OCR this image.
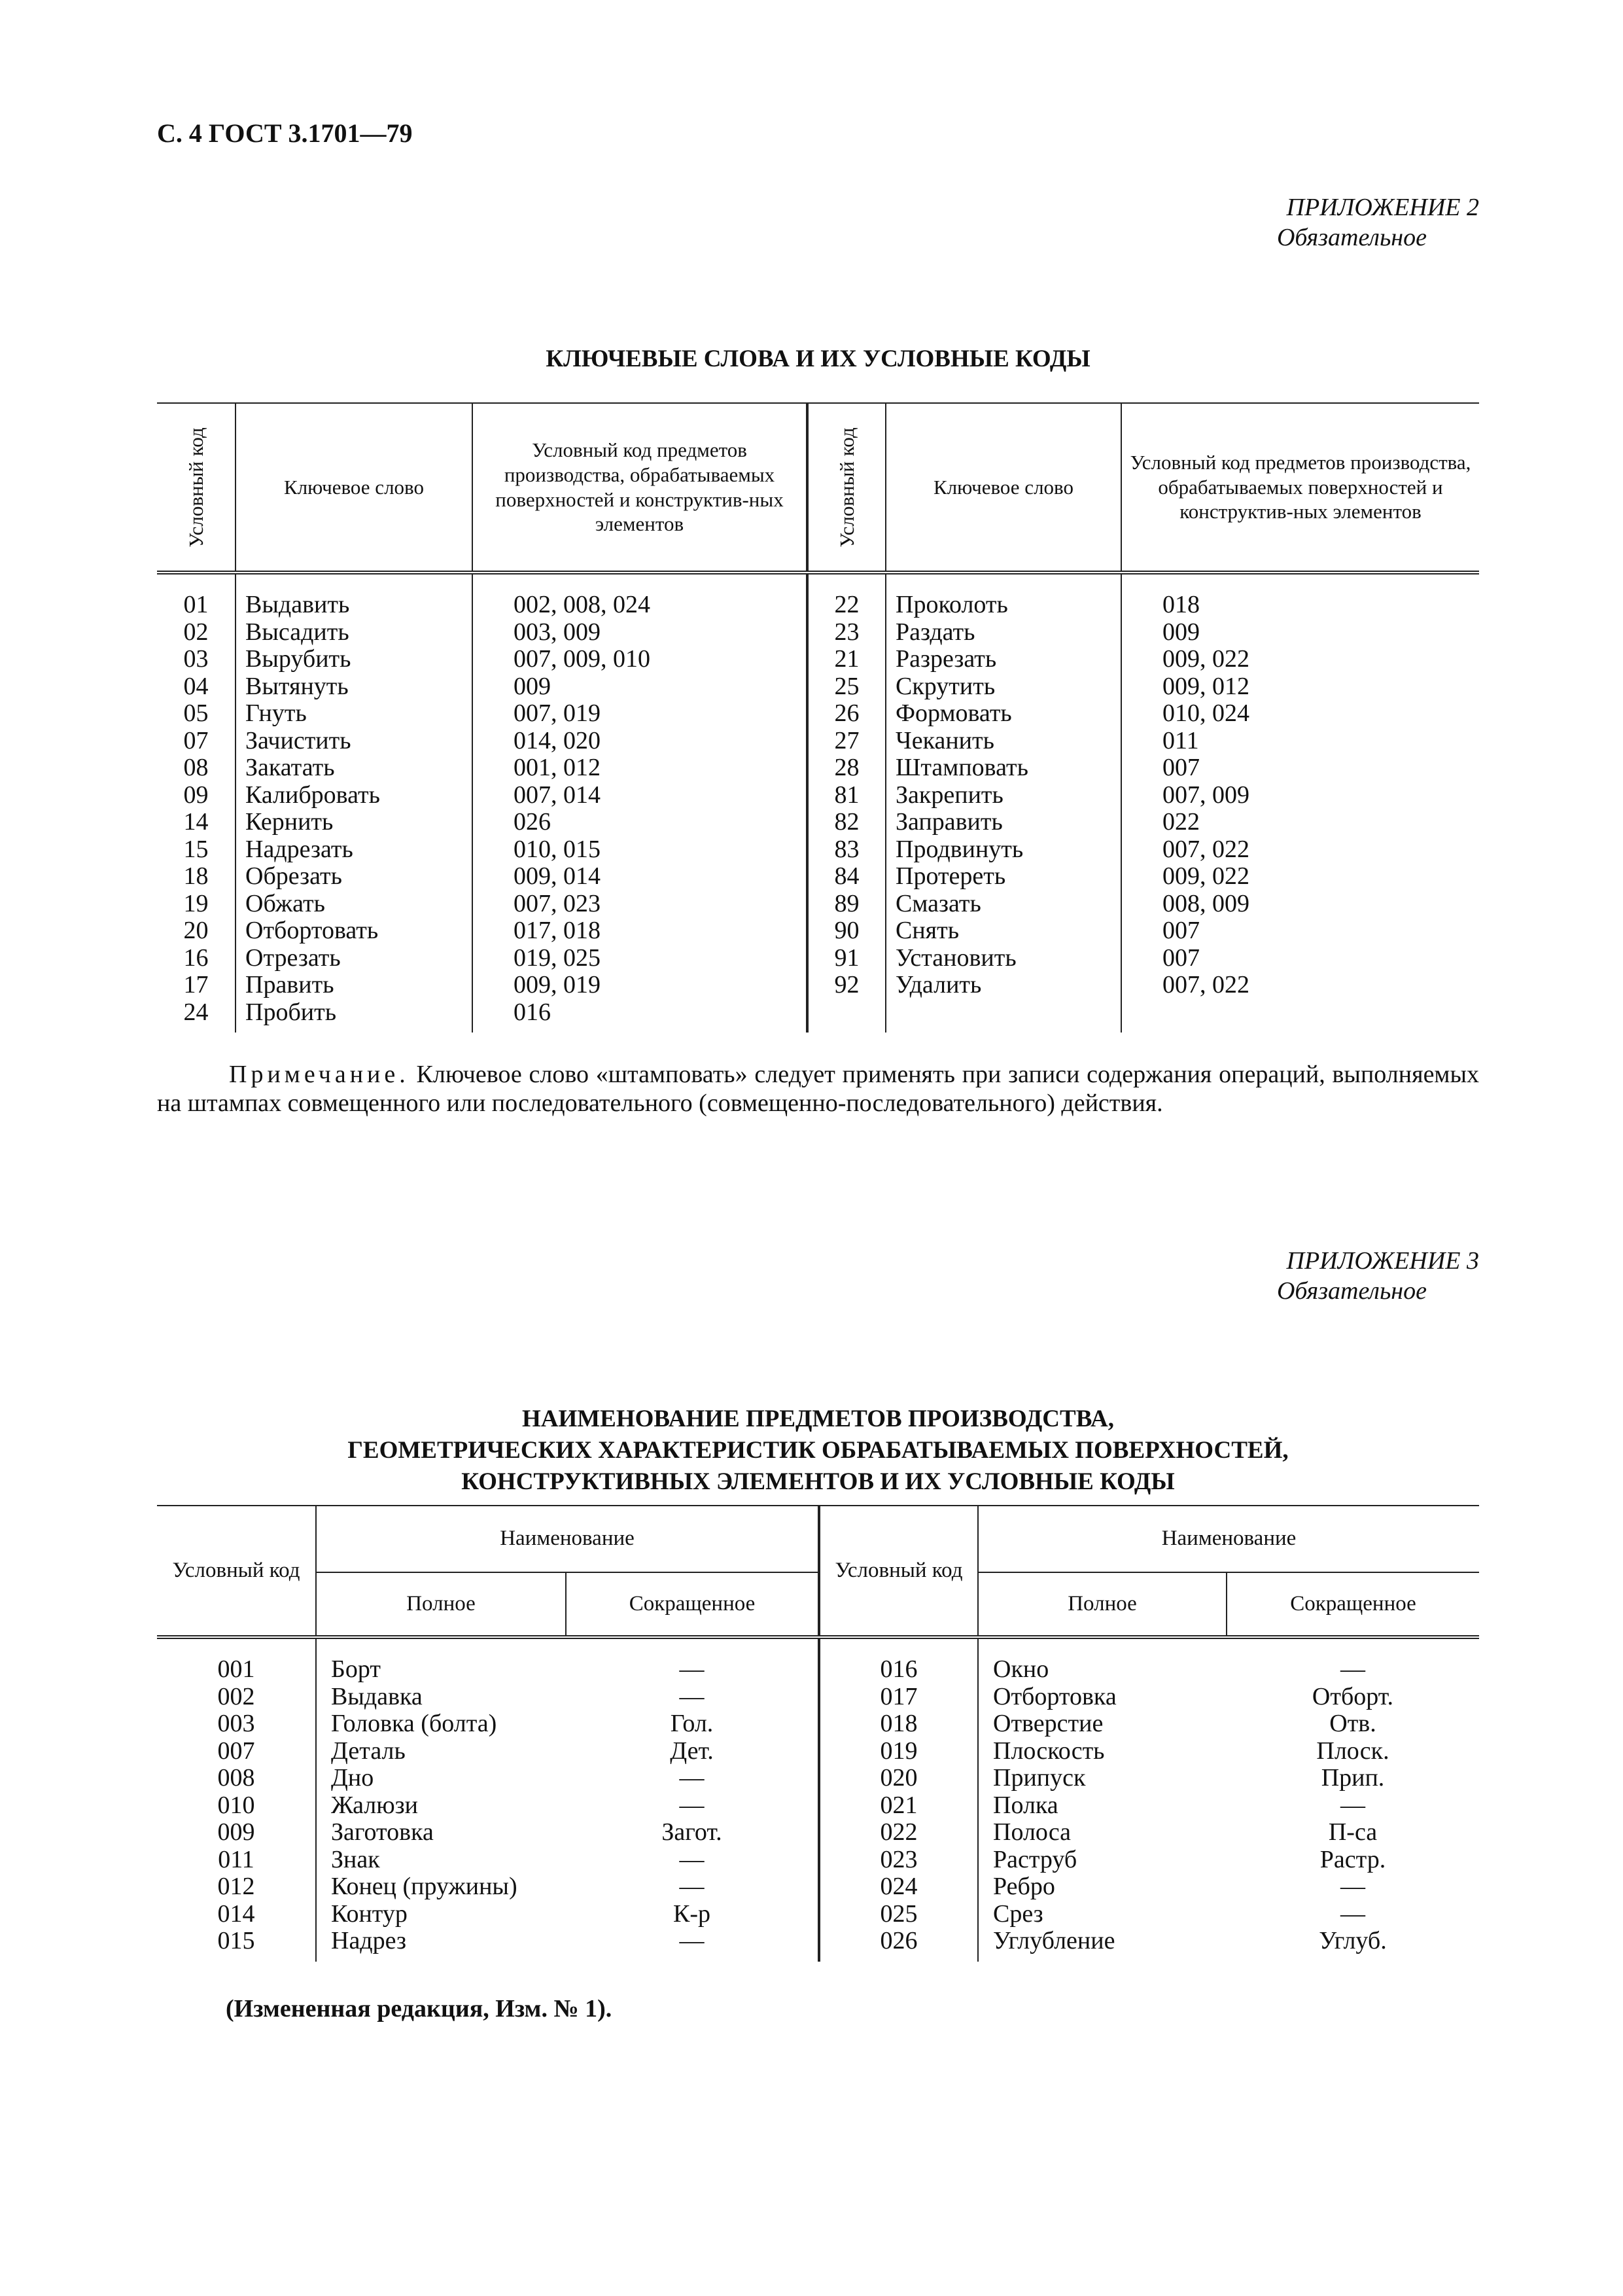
С. 4 ГОСТ 3.1701—79
ПРИЛОЖЕНИЕ 2

Обязательное
КЛЮЧЕВЫЕ СЛОВА И ИХ УСЛОВНЫЕ КОДЫ
Условный код	Ключевое слово	Условный код предметов производства, обрабатываемых поверхностей и конструктив-ных элементов	Условный код	Ключевое слово	Условный код предметов производства, обрабатываемых поверхностей и конструктив-ных элементов
01	Выдавить	002, 008, 024	22	Проколоть	018
02	Высадить	003, 009	23	Раздать	009
03	Вырубить	007, 009, 010	21	Разрезать	009, 022
04	Вытянуть	009	25	Скрутить	009, 012
05	Гнуть	007, 019	26	Формовать	010, 024
07	Зачистить	014, 020	27	Чеканить	011
08	Закатать	001, 012	28	Штамповать	007
09	Калибровать	007, 014	81	Закрепить	007, 009
14	Кернить	026	82	Заправить	022
15	Надрезать	010, 015	83	Продвинуть	007, 022
18	Обрезать	009, 014	84	Протереть	009, 022
19	Обжать	007, 023	89	Смазать	008, 009
20	Отбортовать	017, 018	90	Снять	007
16	Отрезать	019, 025	91	Установить	007
17	Править	009, 019	92	Удалить	007, 022
24	Пробить	016			
Примечание. Ключевое слово «штамповать» следует применять при записи содержания операций, выполняемых на штампах совмещенного или последовательного (совмещенно-последовательного) действия.
ПРИЛОЖЕНИЕ 3

Обязательное
НАИМЕНОВАНИЕ ПРЕДМЕТОВ ПРОИЗВОДСТВА,
ГЕОМЕТРИЧЕСКИХ ХАРАКТЕРИСТИК ОБРАБАТЫВАЕМЫХ ПОВЕРХНОСТЕЙ,
КОНСТРУКТИВНЫХ ЭЛЕМЕНТОВ И ИХ УСЛОВНЫЕ КОДЫ
Условный код	Наименование		Условный код	Наименование	
	Полное	Сокращенное		Полное	Сокращенное
001	Борт	—	016	Окно	—
002	Выдавка	—	017	Отбортовка	Отборт.
003	Головка (болта)	Гол.	018	Отверстие	Отв.
007	Деталь	Дет.	019	Плоскость	Плоск.
008	Дно	—	020	Припуск	Прип.
010	Жалюзи	—	021	Полка	—
009	Заготовка	Загот.	022	Полоса	П-са
011	Знак	—	023	Раструб	Растр.
012	Конец (пружины)	—	024	Ребро	—
014	Контур	К-р	025	Срез	—
015	Надрез	—	026	Углубление	Углуб.
(Измененная редакция, Изм. № 1).
